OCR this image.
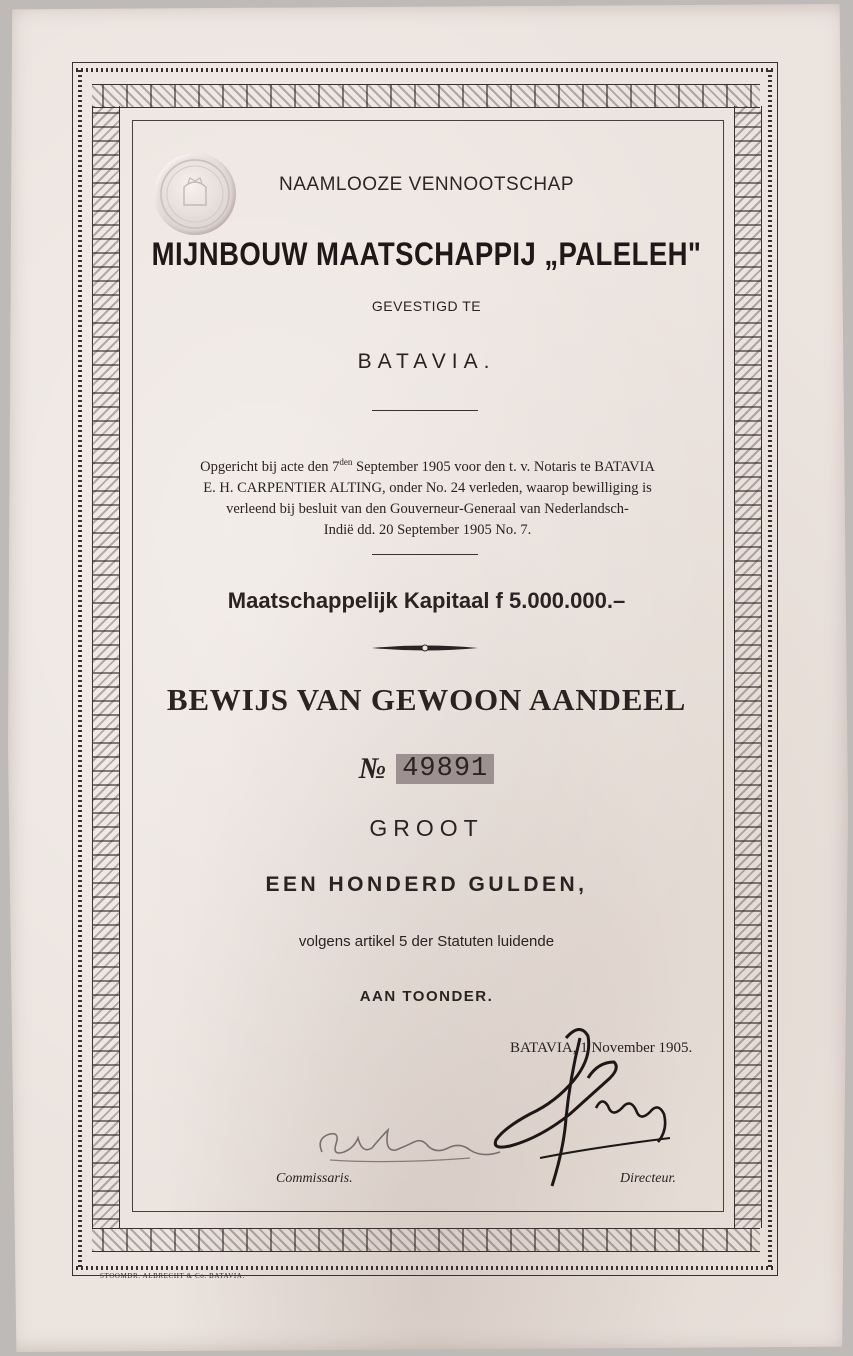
NAAMLOOZE VENNOOTSCHAP
MIJNBOUW MAATSCHAPPIJ „PALELEH"
GEVESTIGD TE
BATAVIA.
Opgericht bij acte den $7^{den}$ September 1905 voor den t. v. Notaris te BATAVIA
E. H. CARPENTIER ALTING, onder No. 24 verleden, waarop bewilliging is
verleend bij besluit van den Gouverneur-Generaal van Nederlandsch-
Indië dd. 20 September 1905 No. 7.
Maatschappelijk Kapitaal f 5.000.000.–
BEWIJS VAN GEWOON AANDEEL
№ 49891
GROOT
EEN HONDERD GULDEN,
volgens artikel 5 der Statuten luidende
AAN TOONDER.
BATAVIA, 1 November 1905.
Commissaris.	Directeur.
STOOMDR. ALBRECHT & Co. BATAVIA.
